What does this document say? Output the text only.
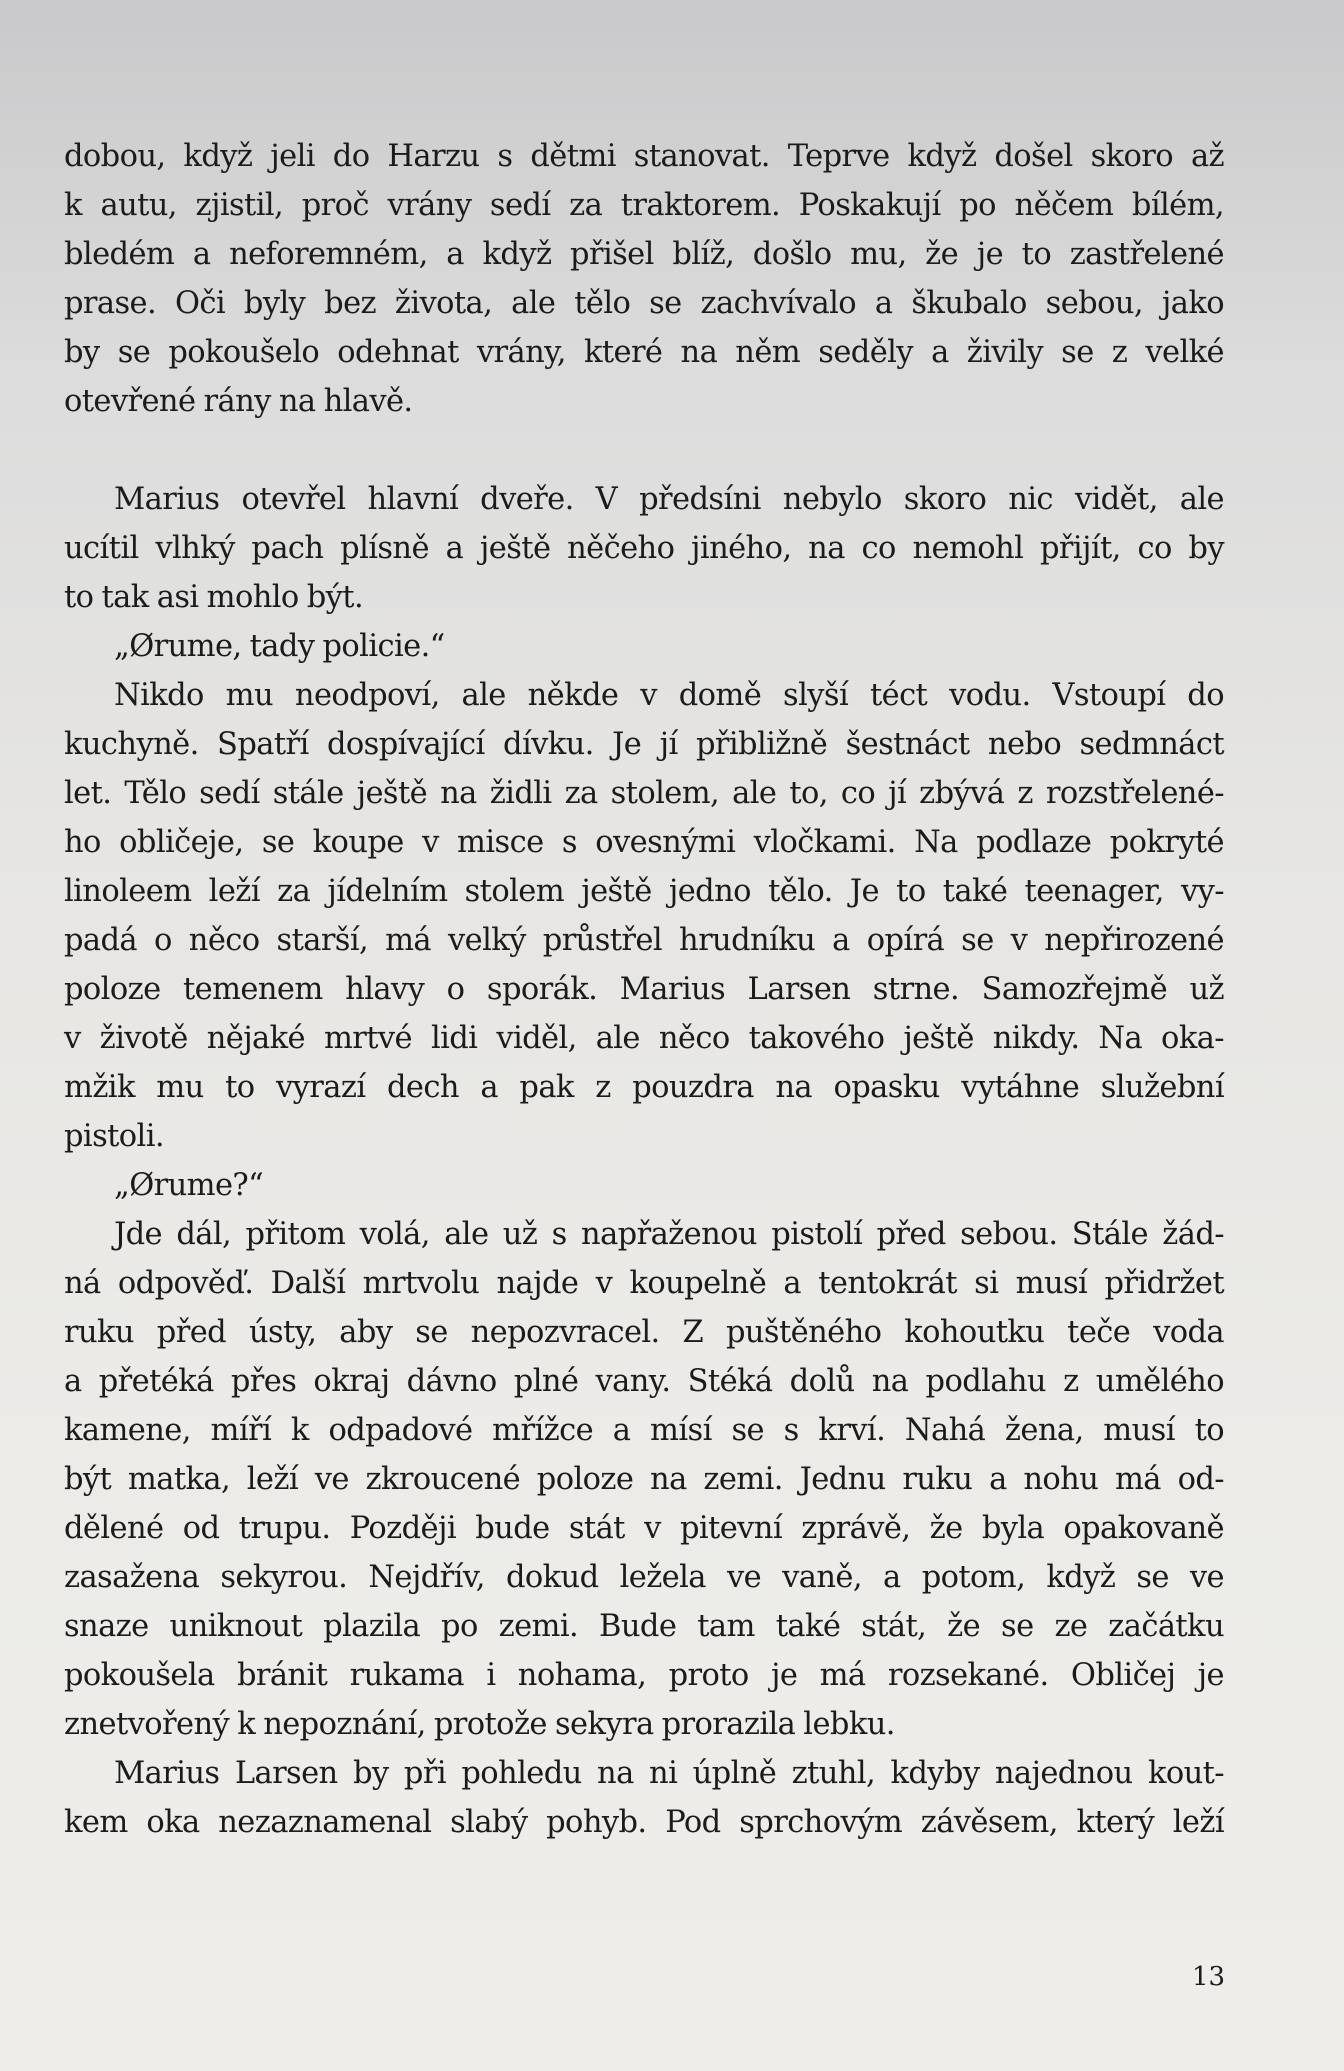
dobou, když jeli do Harzu s dětmi stanovat. Teprve když došel skoro až
k autu, zjistil, proč vrány sedí za traktorem. Poskakují po něčem bílém,
bledém a neforemném, a když přišel blíž, došlo mu, že je to zastřelené
prase. Oči byly bez života, ale tělo se zachvívalo a škubalo sebou, jako
by se pokoušelo odehnat vrány, které na něm seděly a živily se z velké
otevřené rány na hlavě.
Marius otevřel hlavní dveře. V předsíni nebylo skoro nic vidět, ale
ucítil vlhký pach plísně a ještě něčeho jiného, na co nemohl přijít, co by
to tak asi mohlo být.
„Ørume, tady policie.“
Nikdo mu neodpoví, ale někde v domě slyší téct vodu. Vstoupí do
kuchyně. Spatří dospívající dívku. Je jí přibližně šestnáct nebo sedmnáct
let. Tělo sedí stále ještě na židli za stolem, ale to, co jí zbývá z rozstřelené-
ho obličeje, se koupe v misce s ovesnými vločkami. Na podlaze pokryté
linoleem leží za jídelním stolem ještě jedno tělo. Je to také teenager, vy-
padá o něco starší, má velký průstřel hrudníku a opírá se v nepřirozené
poloze temenem hlavy o sporák. Marius Larsen strne. Samozřejmě už
v životě nějaké mrtvé lidi viděl, ale něco takového ještě nikdy. Na oka-
mžik mu to vyrazí dech a pak z pouzdra na opasku vytáhne služební
pistoli.
„Ørume?“
Jde dál, přitom volá, ale už s napřaženou pistolí před sebou. Stále žád-
ná odpověď. Další mrtvolu najde v koupelně a tentokrát si musí přidržet
ruku před ústy, aby se nepozvracel. Z puštěného kohoutku teče voda
a přetéká přes okraj dávno plné vany. Stéká dolů na podlahu z umělého
kamene, míří k odpadové mřížce a mísí se s krví. Nahá žena, musí to
být matka, leží ve zkroucené poloze na zemi. Jednu ruku a nohu má od-
dělené od trupu. Později bude stát v pitevní zprávě, že byla opakovaně
zasažena sekyrou. Nejdřív, dokud ležela ve vaně, a potom, když se ve
snaze uniknout plazila po zemi. Bude tam také stát, že se ze začátku
pokoušela bránit rukama i nohama, proto je má rozsekané. Obličej je
znetvořený k nepoznání, protože sekyra prorazila lebku.
Marius Larsen by při pohledu na ni úplně ztuhl, kdyby najednou kout-
kem oka nezaznamenal slabý pohyb. Pod sprchovým závěsem, který leží
13
